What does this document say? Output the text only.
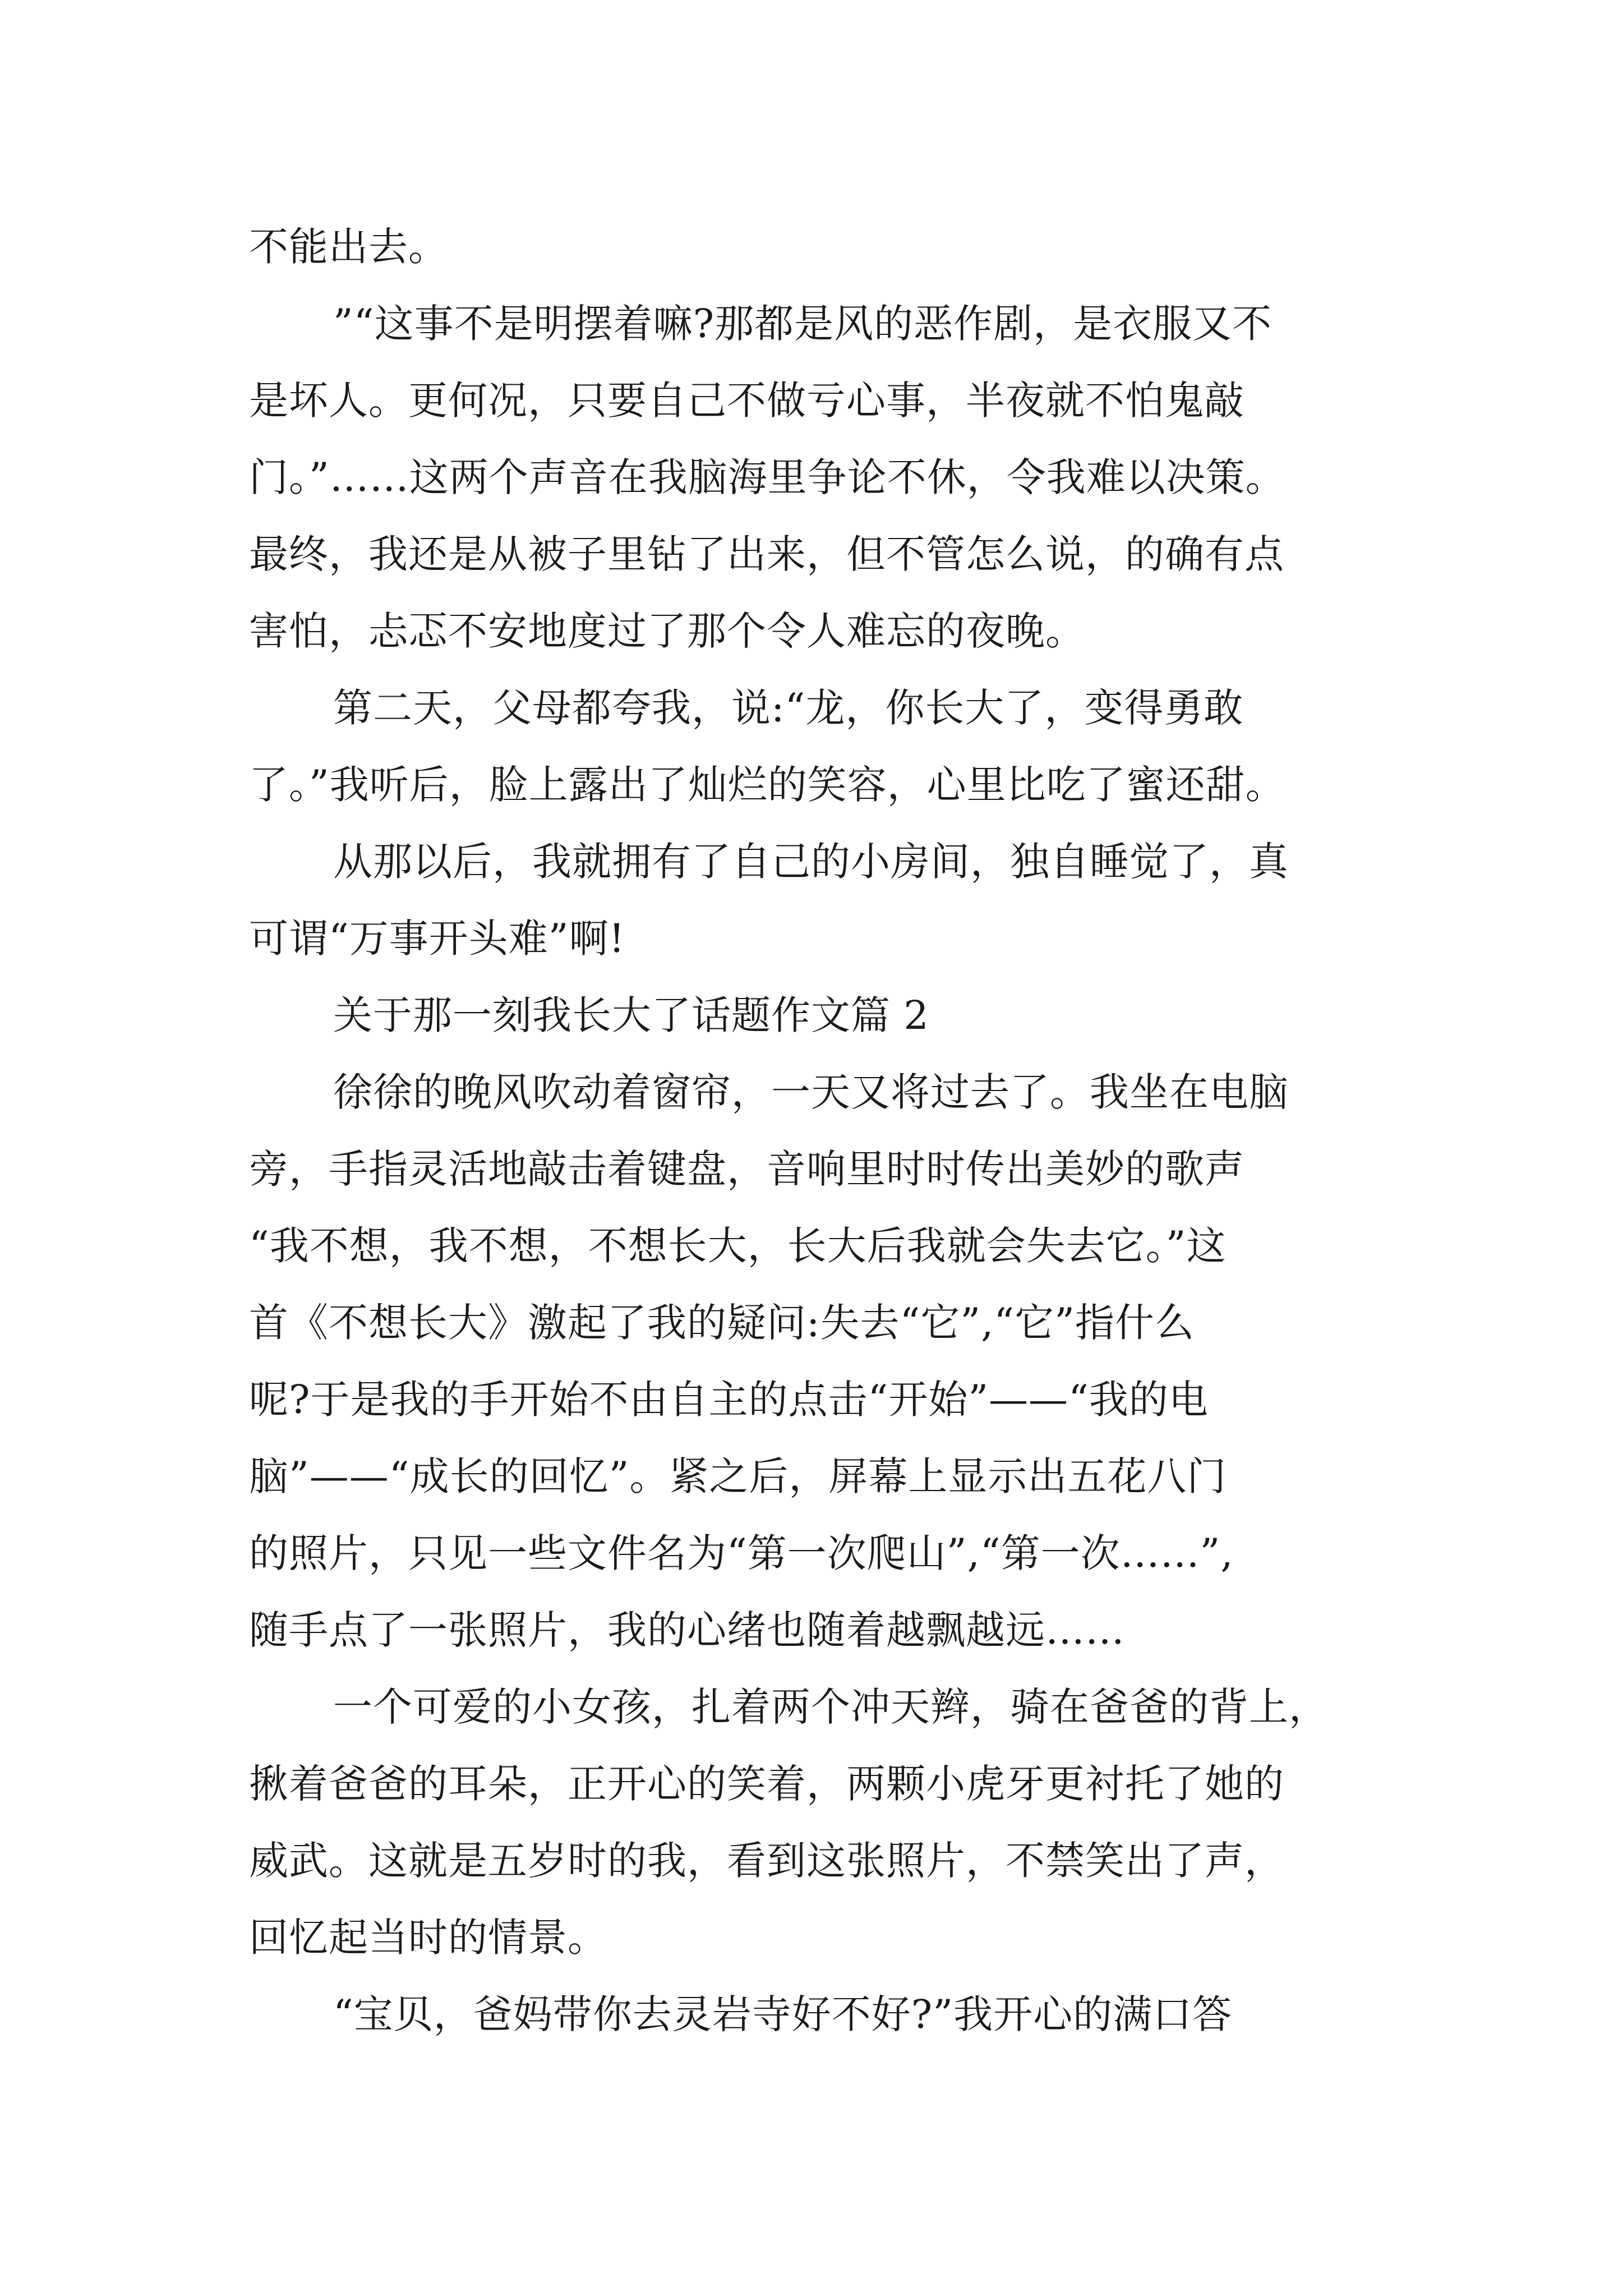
不能出去。
”“这事不是明摆着嘛?那都是风的恶作剧，是衣服又不
是坏人。更何况，只要自己不做亏心事，半夜就不怕鬼敲
门。”……这两个声音在我脑海里争论不休，令我难以决策。
最终，我还是从被子里钻了出来，但不管怎么说，的确有点
害怕，忐忑不安地度过了那个令人难忘的夜晚。
第二天，父母都夸我，说:“龙，你长大了，变得勇敢
了。”我听后，脸上露出了灿烂的笑容，心里比吃了蜜还甜。
从那以后，我就拥有了自己的小房间，独自睡觉了，真
可谓“万事开头难”啊!
关于那一刻我长大了话题作文篇 2
徐徐的晚风吹动着窗帘，一天又将过去了。我坐在电脑
旁，手指灵活地敲击着键盘，音响里时时传出美妙的歌声
“我不想，我不想，不想长大，长大后我就会失去它。”这
首《不想长大》激起了我的疑问:失去“它”,“它”指什么
呢?于是我的手开始不由自主的点击“开始”——“我的电
脑”——“成长的回忆”。紧之后，屏幕上显示出五花八门
的照片，只见一些文件名为“第一次爬山”,“第一次……”,
随手点了一张照片，我的心绪也随着越飘越远……
一个可爱的小女孩，扎着两个冲天辫，骑在爸爸的背上，
揪着爸爸的耳朵，正开心的笑着，两颗小虎牙更衬托了她的
威武。这就是五岁时的我，看到这张照片，不禁笑出了声，
回忆起当时的情景。
“宝贝，爸妈带你去灵岩寺好不好?”我开心的满口答
